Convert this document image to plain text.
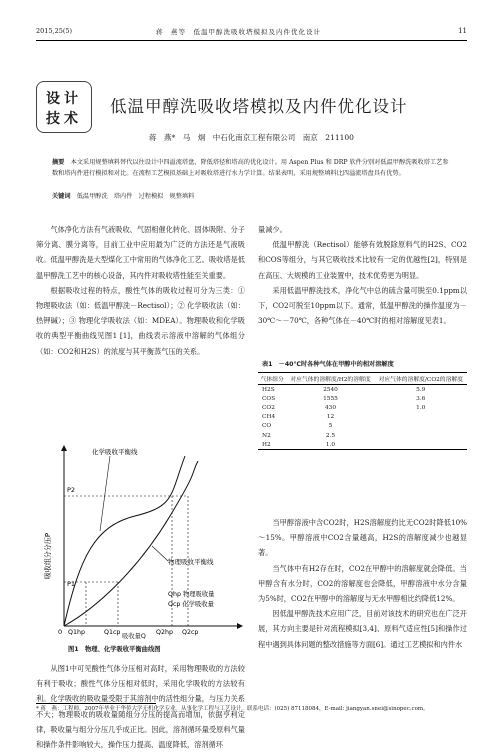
2015,25(5)	蒋　燕等　低温甲醇洗吸收塔模拟及内件优化设计	11
设计
技术
低温甲醇洗吸收塔模拟及内件优化设计
蒋　燕*　马　炯　中石化南京工程有限公司　南京　211100
摘要　 本文采用规整填料替代以往设计中四溢流塔盘，降低塔径和塔高的优化设计。用 Aspen Plus 和 DRP 软件分别对低温甲醇洗吸收塔工艺参数和塔内件进行模拟和对比。在流程工艺模拟基础上对吸收塔进行水力学计算。结果表明，采用规整填料比四溢流塔盘具有优势。
关键词　 低温甲醇洗　塔内件　过程模拟　规整填料

气体净化方法有气液吸收、气固相催化转化、固体吸附、分子筛分离、膜分离等，目前工业中应用最为广泛的方法还是气液吸收。低温甲醇洗是大型煤化工中常用的气体净化工艺。吸收塔是低温甲醇洗工艺中的核心设备，其内件对吸收塔性能至关重要。

根据吸收过程的特点，酸性气体的吸收过程可分为三类：① 物理吸收法（如：低温甲醇洗－Rectisol）；② 化学吸收法（如：热钾碱）；③ 物理化学吸收法（如：MDEA）。物理吸收和化学吸收的典型平衡曲线见图1 [1]，曲线表示溶液中溶解的气体组分（如：CO2和H2S）的浓度与其平衡蒸气压的关系。

吸收组分分压P
0
P2
P1
化学吸收平衡线
物理吸收平衡线
Qhp 物理吸收量
Qcp 化学吸收量
Q1hp	Q1cp	Q2hp Q2cp
吸收量Q
图1　物理、化学吸收平衡曲线图

从图1中可见酸性气体分压相对高时，采用物理吸收的方法较有利于吸收；酸性气体分压相对低时，采用化学吸收的方法较有利。化学吸收的吸收量受限于其溶剂中的活性组分量，与压力关系不大；物理吸收的吸收量随组分分压的提高而增加，依据亨利定律，吸收量与组分分压几乎成正比。因此，溶剂循环量受原料气量和操作条件影响较大，操作压力提高、温度降低，溶剂循环

量减少。

低温甲醇洗（Rectisol）能够有效脱除原料气的H2S、CO2和COS等组分，与其它吸收技术比较有一定的优越性[2]，特别是在高压、大规模的工业装置中，技术优势更为明显。

采用低温甲醇洗技术，净化气中总的硫含量可脱至0.1ppm以下，CO2可脱至10ppm以下。通常，低温甲醇洗的操作温度为－30℃～－70℃，各种气体在－40℃时的相对溶解度见表1。

表1　－40℃时各种气体在甲醇中的相对溶解度
气体组分	对应气体的溶解度/H2的溶解度	对应气体的溶解度/CO2的溶解度
H2S	2540	5.9
COS	1555	3.6
CO2	430	1.0
CH4	12	
CO	5	
N2	2.5	
H2	1.0	

当甲醇溶液中含CO2时，H2S溶解度约比无CO2时降低10%～15%。甲醇溶液中CO2含量越高，H2S的溶解度减少也越显著。

当气体中有H2存在时，CO2在甲醇中的溶解度就会降低。当甲醇含有水分时，CO2的溶解度也会降低，甲醇溶液中水分含量为5%时，CO2在甲醇中的溶解度与无水甲醇相比约降低12%。

因低温甲醇洗技术应用广泛，目前对该技术的研究也在广泛开展，其方向主要是针对流程模拟[3,4]、原料气适应性[5]和操作过程中遇到具体问题的整改措施等方面[6]。通过工艺模拟和内件水

* 蒋　燕：工程师。2007年毕业于华侨大学无机化学专业。从事化学工程与工艺设计。联系电话：(025) 87118084，E-mail: jiangyan.snei@sinopec.com。
